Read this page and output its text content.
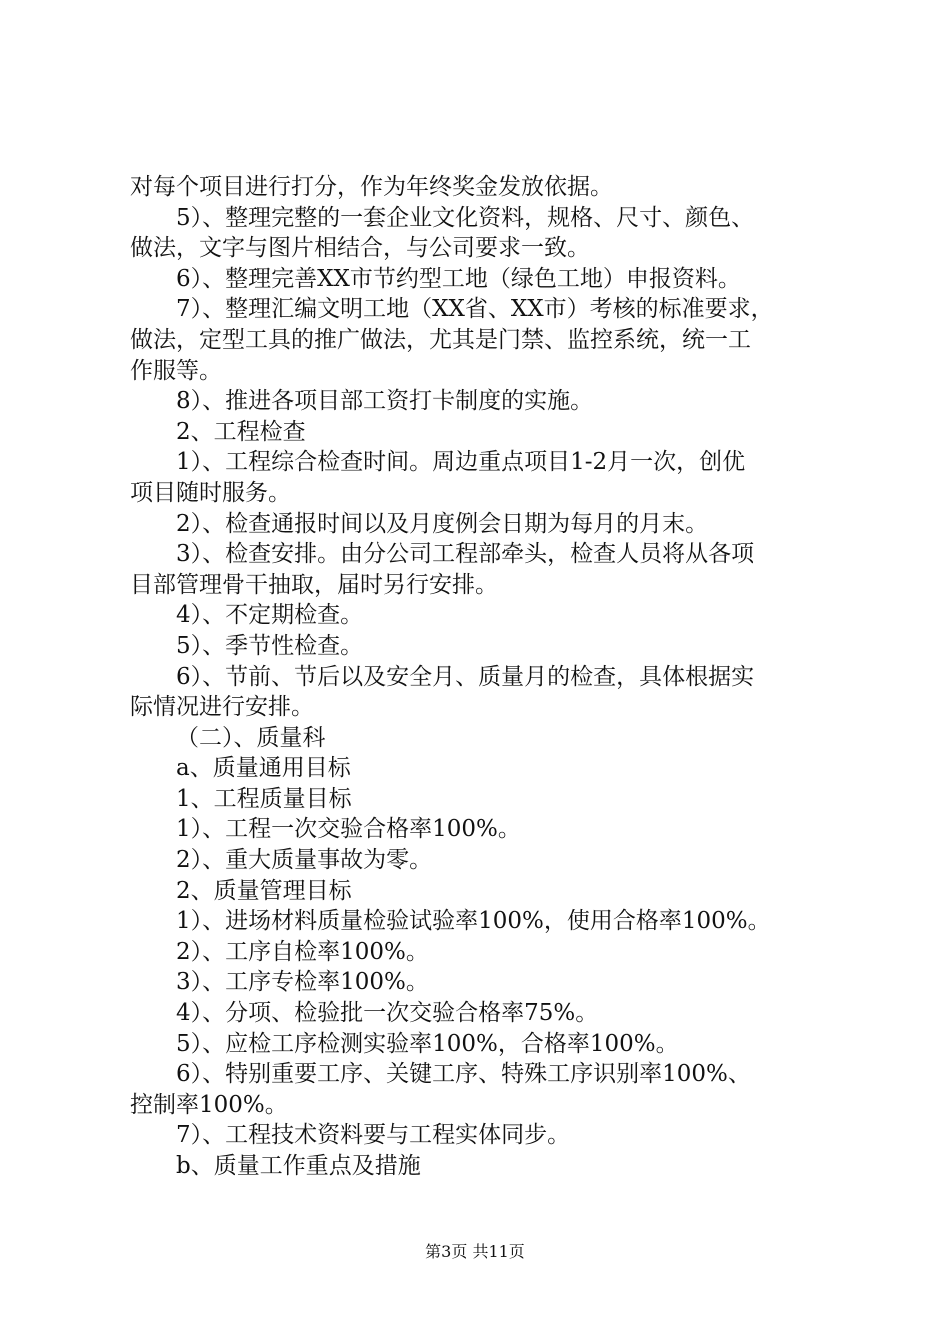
对每个项目进行打分，作为年终奖金发放依据。

5）、整理完整的一套企业文化资料，规格、尺寸、颜色、

做法，文字与图片相结合，与公司要求一致。

6）、整理完善XX市节约型工地（绿色工地）申报资料。

7）、整理汇编文明工地（XX省、XX市）考核的标准要求，

做法，定型工具的推广做法，尤其是门禁、监控系统，统一工

作服等。

8）、推进各项目部工资打卡制度的实施。

2、工程检查

1）、工程综合检查时间。周边重点项目1-2月一次，创优

项目随时服务。

2）、检查通报时间以及月度例会日期为每月的月末。

3）、检查安排。由分公司工程部牵头，检查人员将从各项

目部管理骨干抽取，届时另行安排。

4）、不定期检查。

5）、季节性检查。

6）、节前、节后以及安全月、质量月的检查，具体根据实

际情况进行安排。

（二）、质量科

a、质量通用目标

1、工程质量目标

1）、工程一次交验合格率100%。

2）、重大质量事故为零。

2、质量管理目标

1）、进场材料质量检验试验率100%，使用合格率100%。

2）、工序自检率100%。

3）、工序专检率100%。

4）、分项、检验批一次交验合格率75%。

5）、应检工序检测实验率100%，合格率100%。

6）、特别重要工序、关键工序、特殊工序识别率100%、

控制率100%。

7）、工程技术资料要与工程实体同步。

b、质量工作重点及措施

第3页 共11页
